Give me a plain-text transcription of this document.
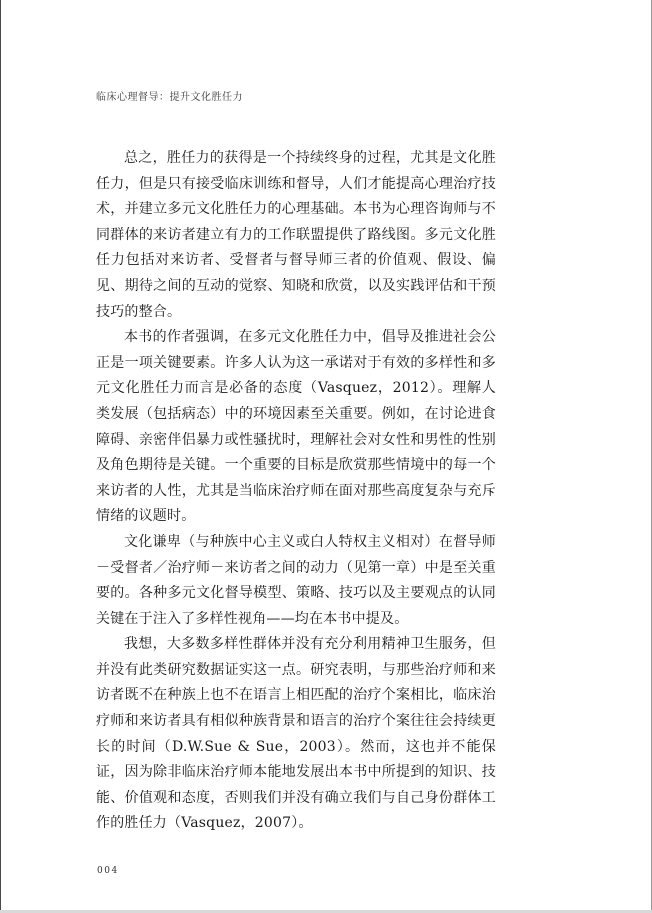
临床心理督导：提升文化胜任力

总之，胜任力的获得是一个持续终身的过程，尤其是文化胜任力，但是只有接受临床训练和督导，人们才能提高心理治疗技术，并建立多元文化胜任力的心理基础。本书为心理咨询师与不同群体的来访者建立有力的工作联盟提供了路线图。多元文化胜任力包括对来访者、受督者与督导师三者的价值观、假设、偏见、期待之间的互动的觉察、知晓和欣赏，以及实践评估和干预技巧的整合。

本书的作者强调，在多元文化胜任力中，倡导及推进社会公正是一项关键要素。许多人认为这一承诺对于有效的多样性和多元文化胜任力而言是必备的态度（Vasquez，2012）。理解人类发展（包括病态）中的环境因素至关重要。例如，在讨论进食障碍、亲密伴侣暴力或性骚扰时，理解社会对女性和男性的性别及角色期待是关键。一个重要的目标是欣赏那些情境中的每一个来访者的人性，尤其是当临床治疗师在面对那些高度复杂与充斥情绪的议题时。

文化谦卑（与种族中心主义或白人特权主义相对）在督导师－受督者／治疗师－来访者之间的动力（见第一章）中是至关重要的。各种多元文化督导模型、策略、技巧以及主要观点的认同关键在于注入了多样性视角——均在本书中提及。

我想，大多数多样性群体并没有充分利用精神卫生服务，但并没有此类研究数据证实这一点。研究表明，与那些治疗师和来访者既不在种族上也不在语言上相匹配的治疗个案相比，临床治疗师和来访者具有相似种族背景和语言的治疗个案往往会持续更长的时间（D.W.Sue & Sue，2003）。然而，这也并不能保证，因为除非临床治疗师本能地发展出本书中所提到的知识、技能、价值观和态度，否则我们并没有确立我们与自己身份群体工作的胜任力（Vasquez，2007）。

004
